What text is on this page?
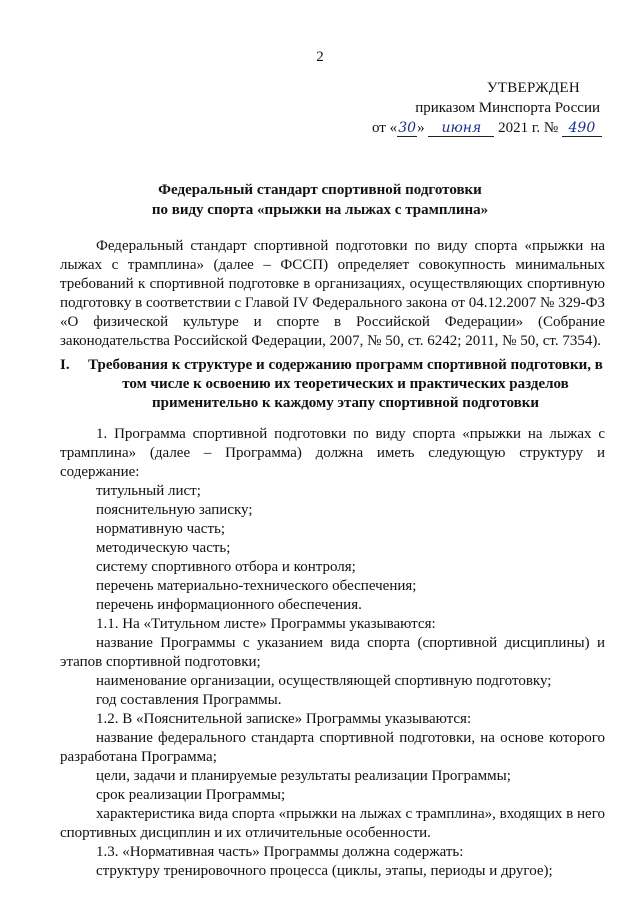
2
УТВЕРЖДЕН
приказом Минспорта России
от «30» июня 2021 г. № 490
Федеральный стандарт спортивной подготовки
по виду спорта «прыжки на лыжах с трамплина»

Федеральный стандарт спортивной подготовки по виду спорта «прыжки на лыжах с трамплина» (далее – ФССП) определяет совокупность минимальных требований к спортивной подготовке в организациях, осуществляющих спортивную подготовку в соответствии с Главой IV Федерального закона от 04.12.2007 № 329-ФЗ «О физической культуре и спорте в Российской Федерации» (Собрание законодательства Российской Федерации, 2007, № 50, ст. 6242; 2011, № 50, ст. 7354).

I.	Требования к структуре и содержанию программ спортивной подготовки, в том числе к освоению их теоретических и практических разделов применительно к каждому этапу спортивной подготовки

1. Программа спортивной подготовки по виду спорта «прыжки на лыжах с трамплина» (далее – Программа) должна иметь следующую структуру и содержание:

титульный лист;

пояснительную записку;

нормативную часть;

методическую часть;

систему спортивного отбора и контроля;

перечень материально-технического обеспечения;

перечень информационного обеспечения.

1.1. На «Титульном листе» Программы указываются:

название Программы с указанием вида спорта (спортивной дисциплины) и этапов спортивной подготовки;

наименование организации, осуществляющей спортивную подготовку;

год составления Программы.

1.2. В «Пояснительной записке» Программы указываются:

название федерального стандарта спортивной подготовки, на основе которого разработана Программа;

цели, задачи и планируемые результаты реализации Программы;

срок реализации Программы;

характеристика вида спорта «прыжки на лыжах с трамплина», входящих в него спортивных дисциплин и их отличительные особенности.

1.3. «Нормативная часть» Программы должна содержать:

структуру тренировочного процесса (циклы, этапы, периоды и другое);
